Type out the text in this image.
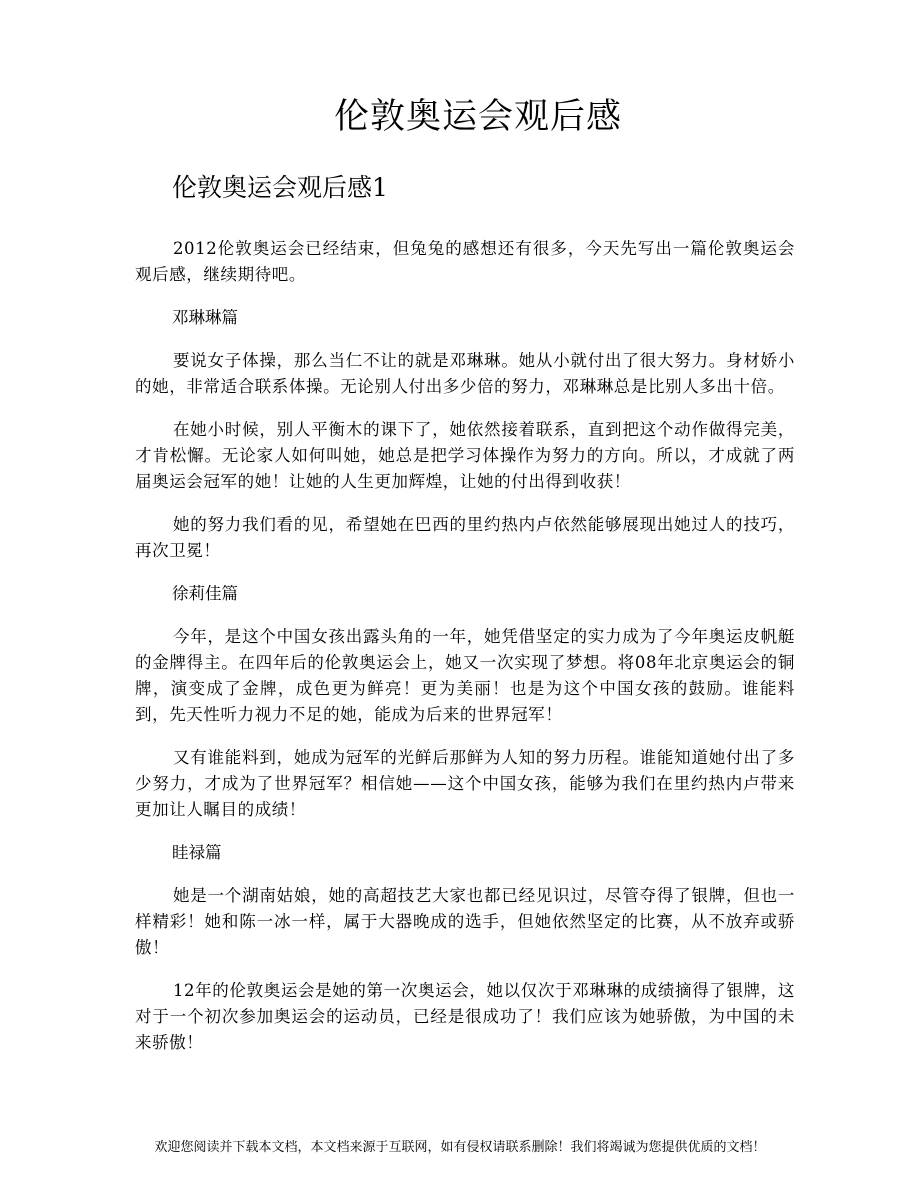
伦敦奥运会观后感
伦敦奥运会观后感1

2012伦敦奥运会已经结束，但兔兔的感想还有很多，今天先写出一篇伦敦奥运会观后感，继续期待吧。

邓琳琳篇

要说女子体操，那么当仁不让的就是邓琳琳。她从小就付出了很大努力。身材娇小的她，非常适合联系体操。无论别人付出多少倍的努力，邓琳琳总是比别人多出十倍。

在她小时候，别人平衡木的课下了，她依然接着联系，直到把这个动作做得完美，才肯松懈。无论家人如何叫她，她总是把学习体操作为努力的方向。所以，才成就了两届奥运会冠军的她！让她的人生更加辉煌，让她的付出得到收获！

她的努力我们看的见，希望她在巴西的里约热内卢依然能够展现出她过人的技巧，再次卫冕！

徐莉佳篇

今年，是这个中国女孩出露头角的一年，她凭借坚定的实力成为了今年奥运皮帆艇的金牌得主。在四年后的伦敦奥运会上，她又一次实现了梦想。将08年北京奥运会的铜牌，演变成了金牌，成色更为鲜亮！更为美丽！也是为这个中国女孩的鼓励。谁能料到，先天性听力视力不足的她，能成为后来的世界冠军！

又有谁能料到，她成为冠军的光鲜后那鲜为人知的努力历程。谁能知道她付出了多少努力，才成为了世界冠军？相信她——这个中国女孩，能够为我们在里约热内卢带来更加让人瞩目的成绩！

眭禄篇

她是一个湖南姑娘，她的高超技艺大家也都已经见识过，尽管夺得了银牌，但也一样精彩！她和陈一冰一样，属于大器晚成的选手，但她依然坚定的比赛，从不放弃或骄傲！

12年的伦敦奥运会是她的第一次奥运会，她以仅次于邓琳琳的成绩摘得了银牌，这对于一个初次参加奥运会的运动员，已经是很成功了！我们应该为她骄傲，为中国的未来骄傲！

欢迎您阅读并下载本文档，本文档来源于互联网，如有侵权请联系删除！我们将竭诚为您提供优质的文档！
